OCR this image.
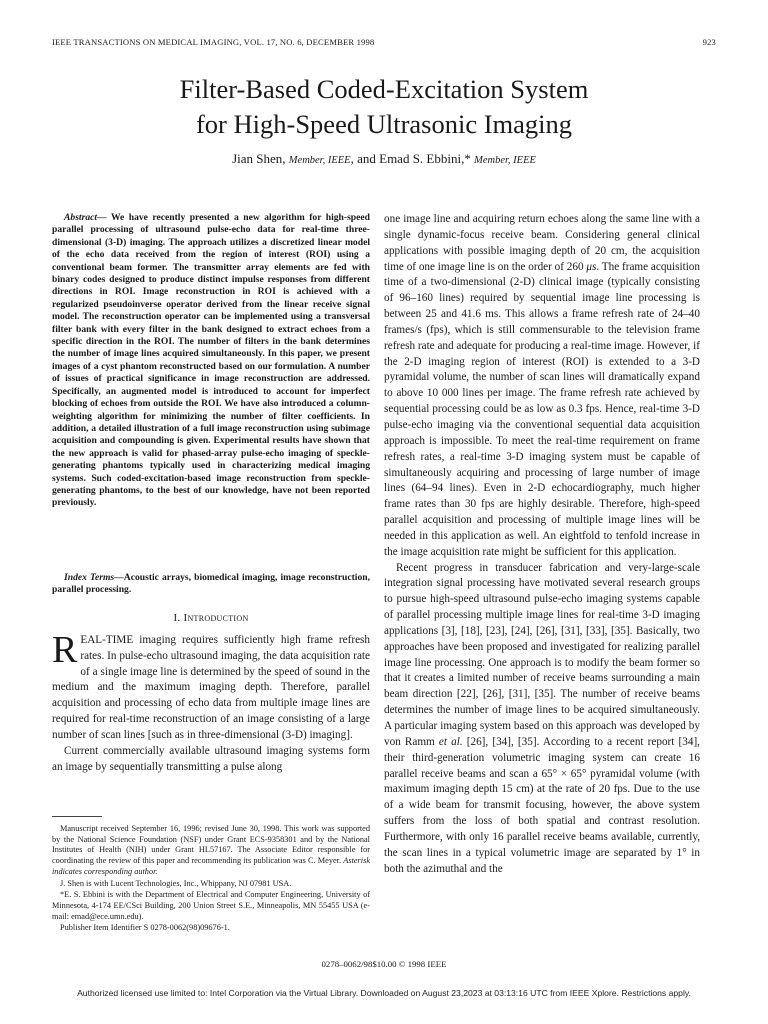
IEEE TRANSACTIONS ON MEDICAL IMAGING, VOL. 17, NO. 6, DECEMBER 1998	923
Filter-Based Coded-Excitation System
for High-Speed Ultrasonic Imaging
Jian Shen, Member, IEEE, and Emad S. Ebbini,* Member, IEEE

Abstract— We have recently presented a new algorithm for high-speed parallel processing of ultrasound pulse-echo data for real-time three-dimensional (3-D) imaging. The approach utilizes a discretized linear model of the echo data received from the region of interest (ROI) using a conventional beam former. The transmitter array elements are fed with binary codes designed to produce distinct impulse responses from different directions in ROI. Image reconstruction in ROI is achieved with a regularized pseudoinverse operator derived from the linear receive signal model. The reconstruction operator can be implemented using a transversal filter bank with every filter in the bank designed to extract echoes from a specific direction in the ROI. The number of filters in the bank determines the number of image lines acquired simultaneously. In this paper, we present images of a cyst phantom reconstructed based on our formulation. A number of issues of practical significance in image reconstruction are addressed. Specifically, an augmented model is introduced to account for imperfect blocking of echoes from outside the ROI. We have also introduced a column-weighting algorithm for minimizing the number of filter coefficients. In addition, a detailed illustration of a full image reconstruction using subimage acquisition and compounding is given. Experimental results have shown that the new approach is valid for phased-array pulse-echo imaging of speckle-generating phantoms typically used in characterizing medical imaging systems. Such coded-excitation-based image reconstruction from speckle-generating phantoms, to the best of our knowledge, have not been reported previously.

Index Terms—Acoustic arrays, biomedical imaging, image reconstruction, parallel processing.

I. Introduction

REAL-TIME imaging requires sufficiently high frame refresh rates. In pulse-echo ultrasound imaging, the data acquisition rate of a single image line is determined by the speed of sound in the medium and the maximum imaging depth. Therefore, parallel acquisition and processing of echo data from multiple image lines are required for real-time reconstruction of an image consisting of a large number of scan lines [such as in three-dimensional (3-D) imaging].

Current commercially available ultrasound imaging systems form an image by sequentially transmitting a pulse along

Manuscript received September 16, 1996; revised June 30, 1998. This work was supported by the National Science Foundation (NSF) under Grant ECS-9358301 and by the National Institutes of Health (NIH) under Grant HL57167. The Associate Editor responsible for coordinating the review of this paper and recommending its publication was C. Meyer. Asterisk indicates corresponding author.

J. Shen is with Lucent Technologies, Inc., Whippany, NJ 07981 USA.

*E. S. Ebbini is with the Department of Electrical and Computer Engineering, University of Minnesota, 4-174 EE/CSci Building, 200 Union Street S.E., Minneapolis, MN 55455 USA (e-mail: emad@ece.umn.edu).

Publisher Item Identifier S 0278-0062(98)09676-1.

one image line and acquiring return echoes along the same line with a single dynamic-focus receive beam. Considering general clinical applications with possible imaging depth of 20 cm, the acquisition time of one image line is on the order of 260 μs. The frame acquisition time of a two-dimensional (2-D) clinical image (typically consisting of 96–160 lines) required by sequential image line processing is between 25 and 41.6 ms. This allows a frame refresh rate of 24–40 frames/s (fps), which is still commensurable to the television frame refresh rate and adequate for producing a real-time image. However, if the 2-D imaging region of interest (ROI) is extended to a 3-D pyramidal volume, the number of scan lines will dramatically expand to above 10 000 lines per image. The frame refresh rate achieved by sequential processing could be as low as 0.3 fps. Hence, real-time 3-D pulse-echo imaging via the conventional sequential data acquisition approach is impossible. To meet the real-time requirement on frame refresh rates, a real-time 3-D imaging system must be capable of simultaneously acquiring and processing of large number of image lines (64–94 lines). Even in 2-D echocardiography, much higher frame rates than 30 fps are highly desirable. Therefore, high-speed parallel acquisition and processing of multiple image lines will be needed in this application as well. An eightfold to tenfold increase in the image acquisition rate might be sufficient for this application.

Recent progress in transducer fabrication and very-large-scale integration signal processing have motivated several research groups to pursue high-speed ultrasound pulse-echo imaging systems capable of parallel processing multiple image lines for real-time 3-D imaging applications [3], [18], [23], [24], [26], [31], [33], [35]. Basically, two approaches have been proposed and investigated for realizing parallel image line processing. One approach is to modify the beam former so that it creates a limited number of receive beams surrounding a main beam direction [22], [26], [31], [35]. The number of receive beams determines the number of image lines to be acquired simultaneously. A particular imaging system based on this approach was developed by von Ramm et al. [26], [34], [35]. According to a recent report [34], their third-generation volumetric imaging system can create 16 parallel receive beams and scan a 65° × 65° pyramidal volume (with maximum imaging depth 15 cm) at the rate of 20 fps. Due to the use of a wide beam for transmit focusing, however, the above system suffers from the loss of both spatial and contrast resolution. Furthermore, with only 16 parallel receive beams available, currently, the scan lines in a typical volumetric image are separated by 1° in both the azimuthal and the

0278–0062/98$10.00 © 1998 IEEE
Authorized licensed use limited to: Intel Corporation via the Virtual Library. Downloaded on August 23,2023 at 03:13:16 UTC from IEEE Xplore. Restrictions apply.
